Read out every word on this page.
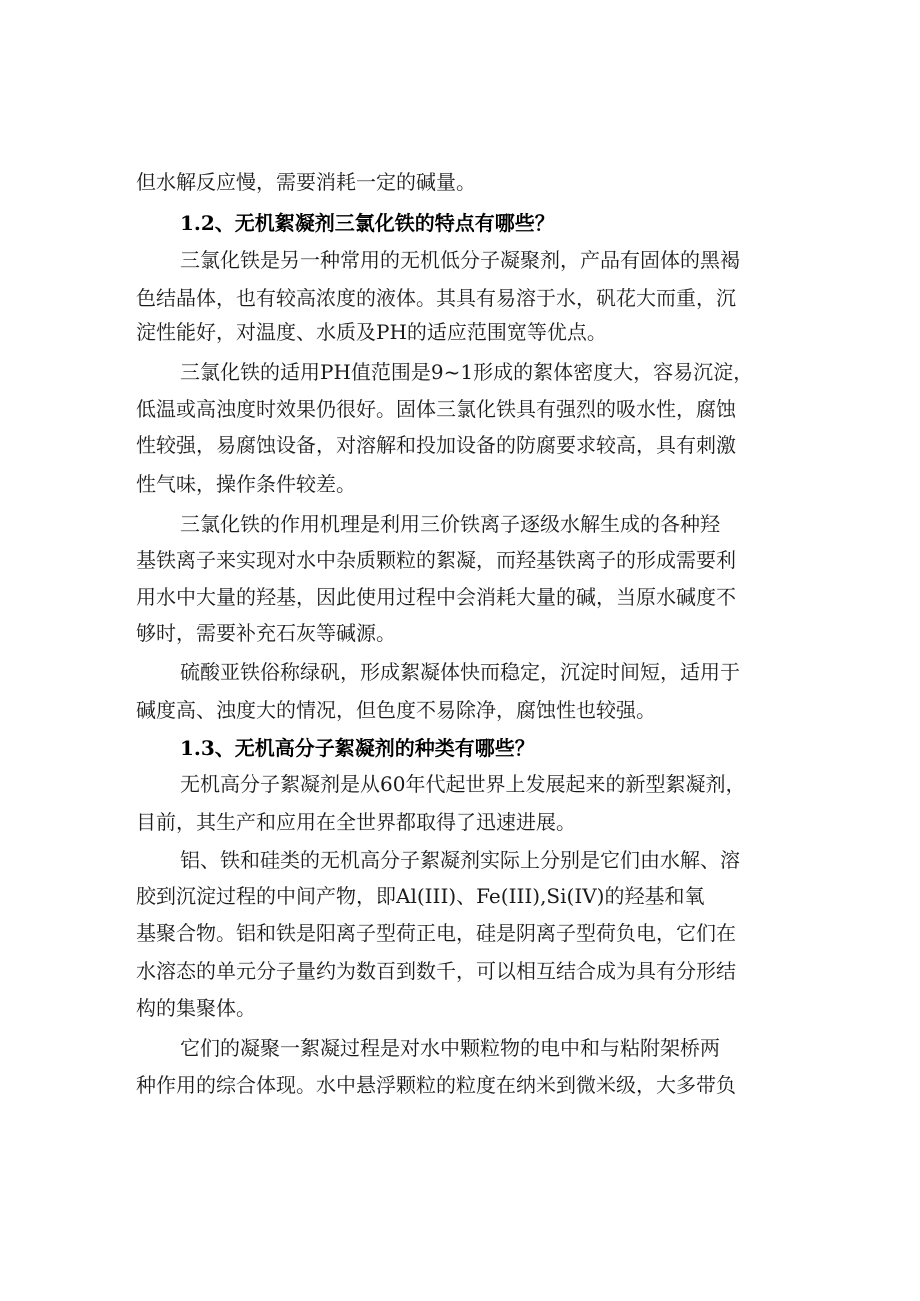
但水解反应慢，需要消耗一定的碱量。

1.2、无机絮凝剂三氯化铁的特点有哪些？

三氯化铁是另一种常用的无机低分子凝聚剂，产品有固体的黑褐

色结晶体，也有较高浓度的液体。其具有易溶于水，矾花大而重，沉

淀性能好，对温度、水质及PH的适应范围宽等优点。

三氯化铁的适用PH值范围是9~1形成的絮体密度大，容易沉淀，

低温或高浊度时效果仍很好。固体三氯化铁具有强烈的吸水性，腐蚀

性较强，易腐蚀设备，对溶解和投加设备的防腐要求较高，具有刺激

性气味，操作条件较差。

三氯化铁的作用机理是利用三价铁离子逐级水解生成的各种羟

基铁离子来实现对水中杂质颗粒的絮凝，而羟基铁离子的形成需要利

用水中大量的羟基，因此使用过程中会消耗大量的碱，当原水碱度不

够时，需要补充石灰等碱源。

硫酸亚铁俗称绿矾，形成絮凝体快而稳定，沉淀时间短，适用于

碱度高、浊度大的情况，但色度不易除净，腐蚀性也较强。

1.3、无机高分子絮凝剂的种类有哪些？

无机高分子絮凝剂是从60年代起世界上发展起来的新型絮凝剂，

目前，其生产和应用在全世界都取得了迅速进展。

铝、铁和硅类的无机高分子絮凝剂实际上分别是它们由水解、溶

胶到沉淀过程的中间产物，即Al(III)、Fe(III),Si(IV)的羟基和氧

基聚合物。铝和铁是阳离子型荷正电，硅是阴离子型荷负电，它们在

水溶态的单元分子量约为数百到数千，可以相互结合成为具有分形结

构的集聚体。

它们的凝聚一絮凝过程是对水中颗粒物的电中和与粘附架桥两

种作用的综合体现。水中悬浮颗粒的粒度在纳米到微米级，大多带负
